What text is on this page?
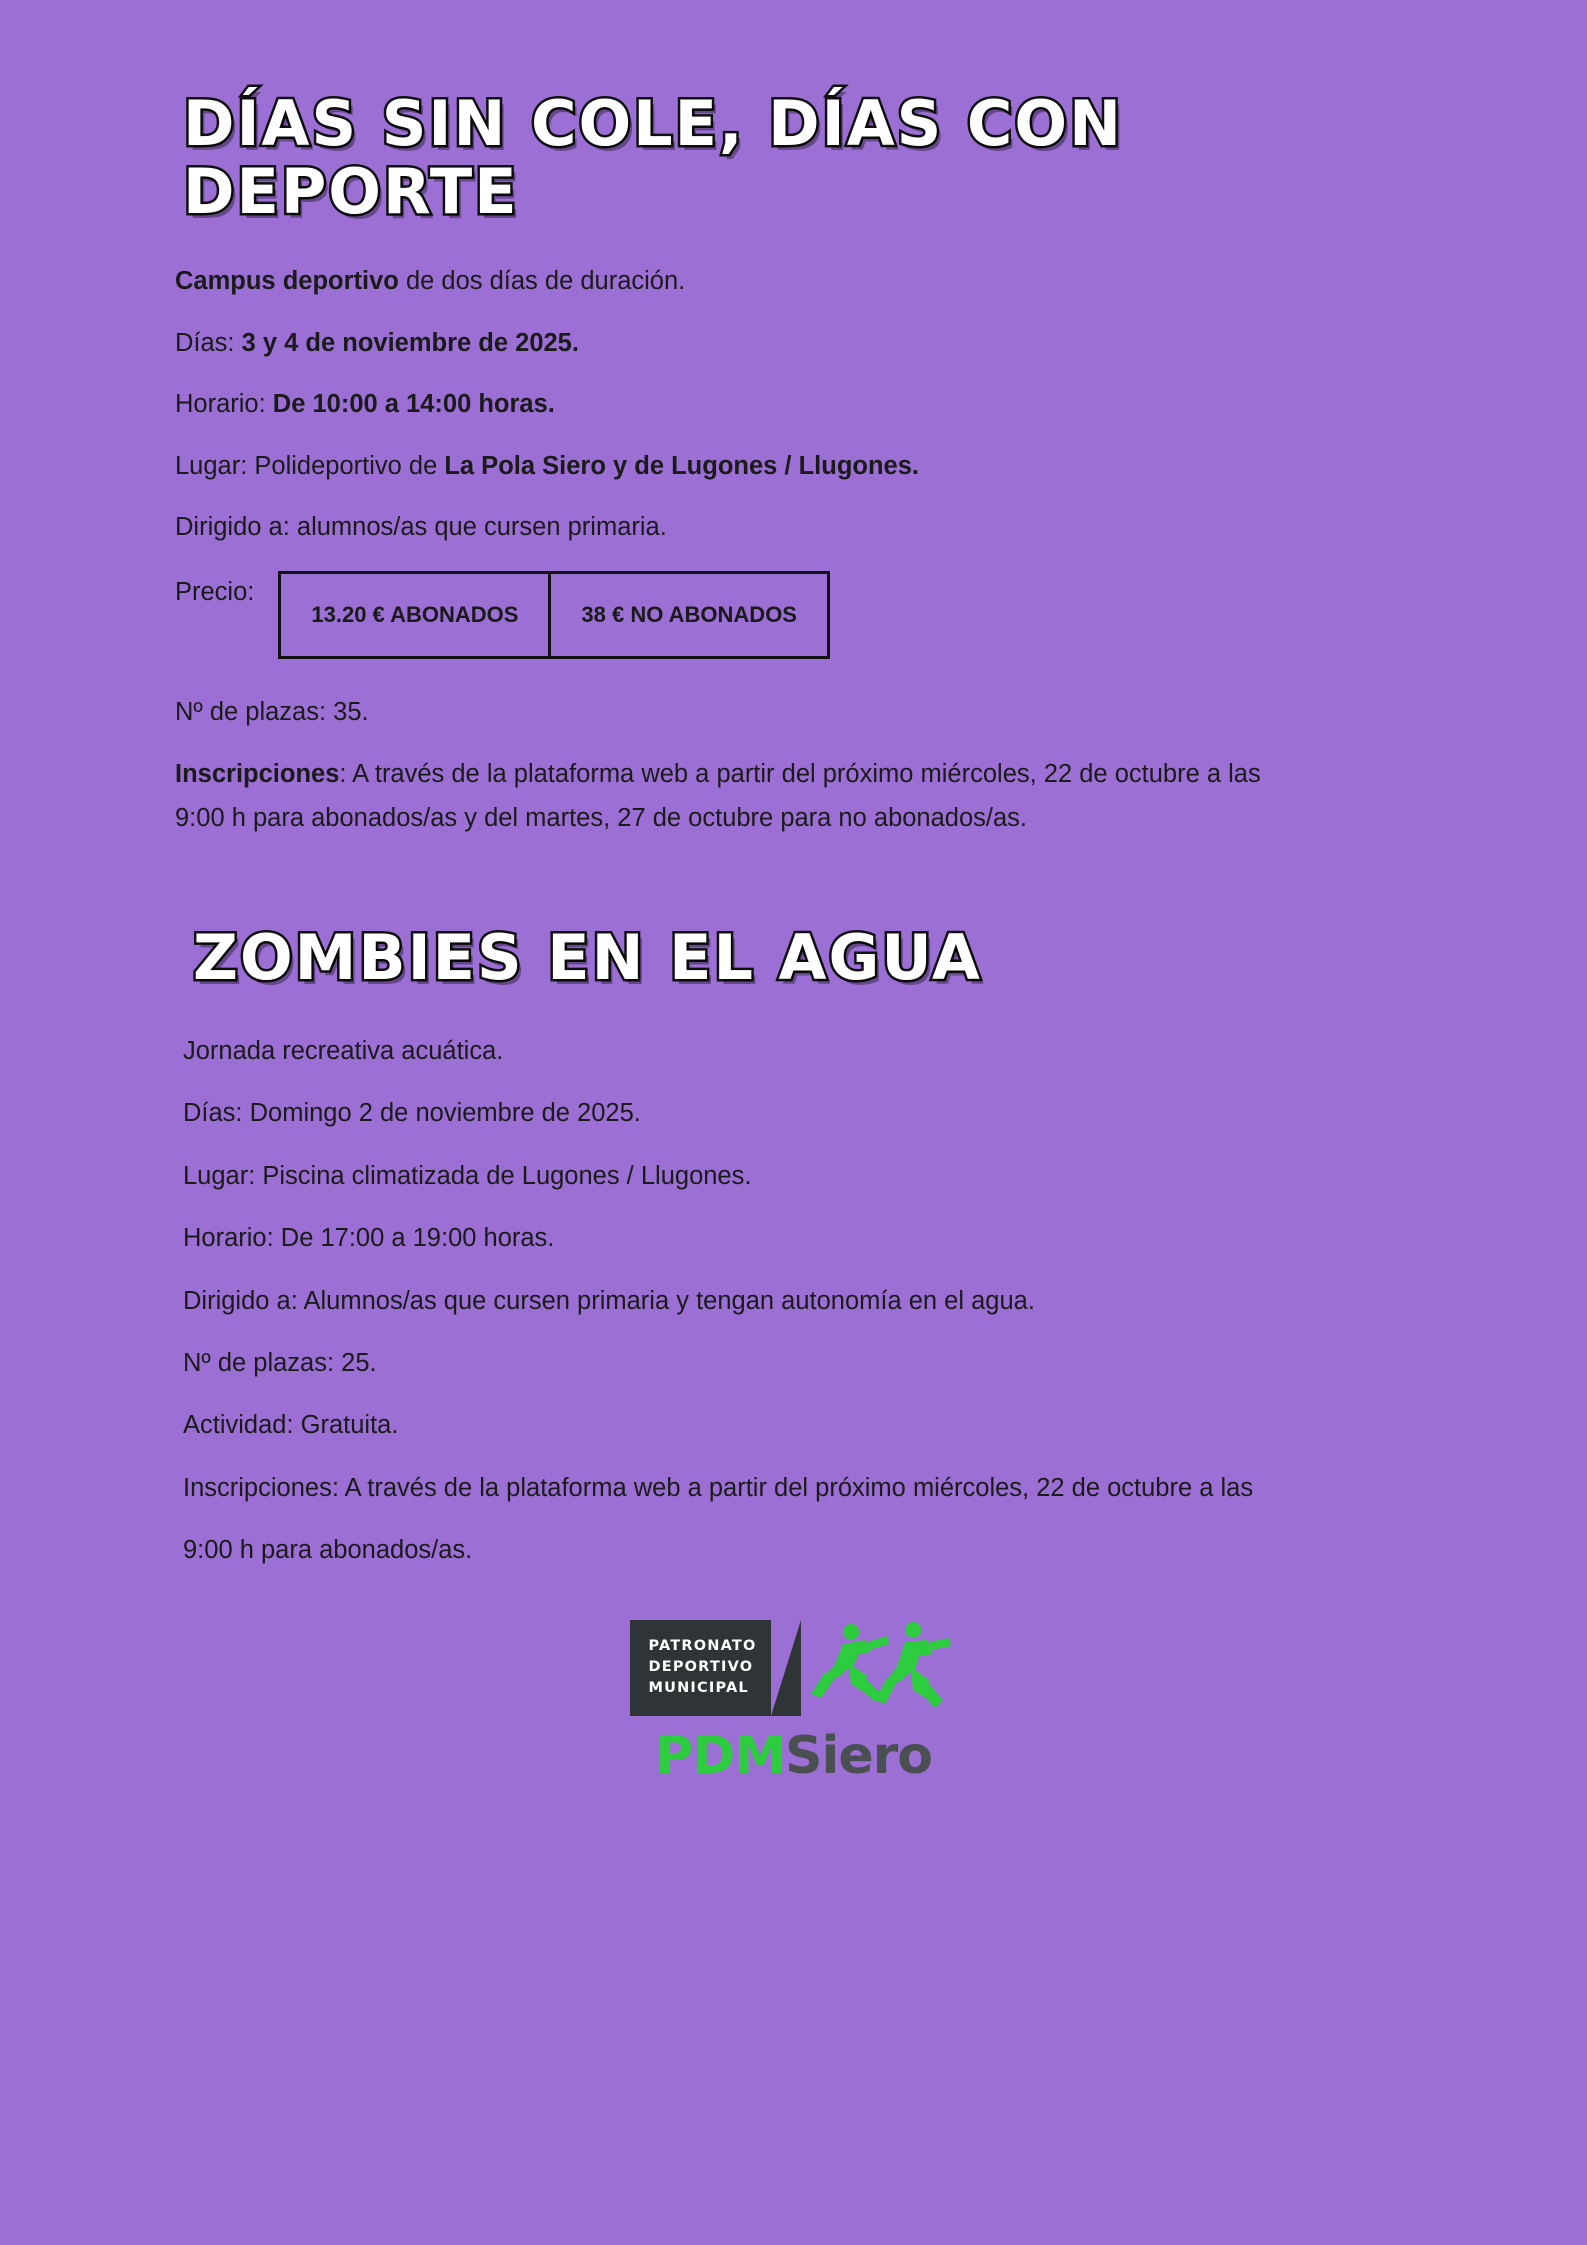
DÍAS SIN COLE, DÍAS CON DEPORTE

Campus deportivo de dos días de duración.

Días: 3 y 4 de noviembre de 2025.

Horario: De 10:00 a 14:00 horas.

Lugar: Polideportivo de La Pola Siero y de Lugones / Llugones.

Dirigido a: alumnos/as que cursen primaria.

Precio:
13.20 € ABONADOS	38 € NO ABONADOS

Nº de plazas: 35.

Inscripciones: A través de la plataforma web a partir del próximo miércoles, 22 de octubre a las

9:00 h para abonados/as y del martes, 27 de octubre para no abonados/as.

ZOMBIES EN EL AGUA

Jornada recreativa acuática.

Días: Domingo 2 de noviembre de 2025.

Lugar: Piscina climatizada de Lugones / Llugones.

Horario: De 17:00 a 19:00 horas.

Dirigido a: Alumnos/as que cursen primaria y tengan autonomía en el agua.

Nº de plazas: 25.

Actividad: Gratuita.

Inscripciones: A través de la plataforma web a partir del próximo miércoles, 22 de octubre a las

9:00 h para abonados/as.

PATRONATO
DEPORTIVO
MUNICIPAL
PDMSiero
